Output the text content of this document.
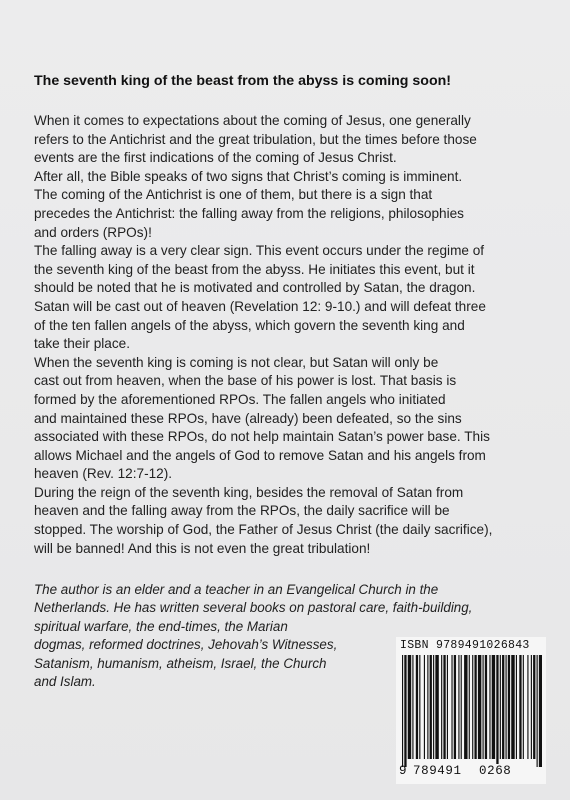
The seventh king of the beast from the abyss is coming soon!
When it comes to expectations about the coming of Jesus, one generally
refers to the Antichrist and the great tribulation, but the times before those
events are the first indications of the coming of Jesus Christ.
After all, the Bible speaks of two signs that Christ’s coming is imminent.
The coming of the Antichrist is one of them, but there is a sign that
precedes the Antichrist: the falling away from the religions, philosophies
and orders (RPOs)!
The falling away is a very clear sign. This event occurs under the regime of
the seventh king of the beast from the abyss. He initiates this event, but it
should be noted that he is motivated and controlled by Satan, the dragon.
Satan will be cast out of heaven (Revelation 12: 9-10.) and will defeat three
of the ten fallen angels of the abyss, which govern the seventh king and
take their place.
When the seventh king is coming is not clear, but Satan will only be
cast out from heaven, when the base of his power is lost. That basis is
formed by the aforementioned RPOs. The fallen angels who initiated
and maintained these RPOs, have (already) been defeated, so the sins
associated with these RPOs, do not help maintain Satan’s power base. This
allows Michael and the angels of God to remove Satan and his angels from
heaven (Rev. 12:7-12).
During the reign of the seventh king, besides the removal of Satan from
heaven and the falling away from the RPOs, the daily sacrifice will be
stopped. The worship of God, the Father of Jesus Christ (the daily sacrifice),
will be banned! And this is not even the great tribulation!
The author is an elder and a teacher in an Evangelical Church in the
Netherlands. He has written several books on pastoral care, faith-building,
spiritual warfare, the end-times, the Marian
dogmas, reformed doctrines, Jehovah’s Witnesses,
Satanism, humanism, atheism, Israel, the Church
and Islam.
ISBN 9789491026843
9 789491 0268
